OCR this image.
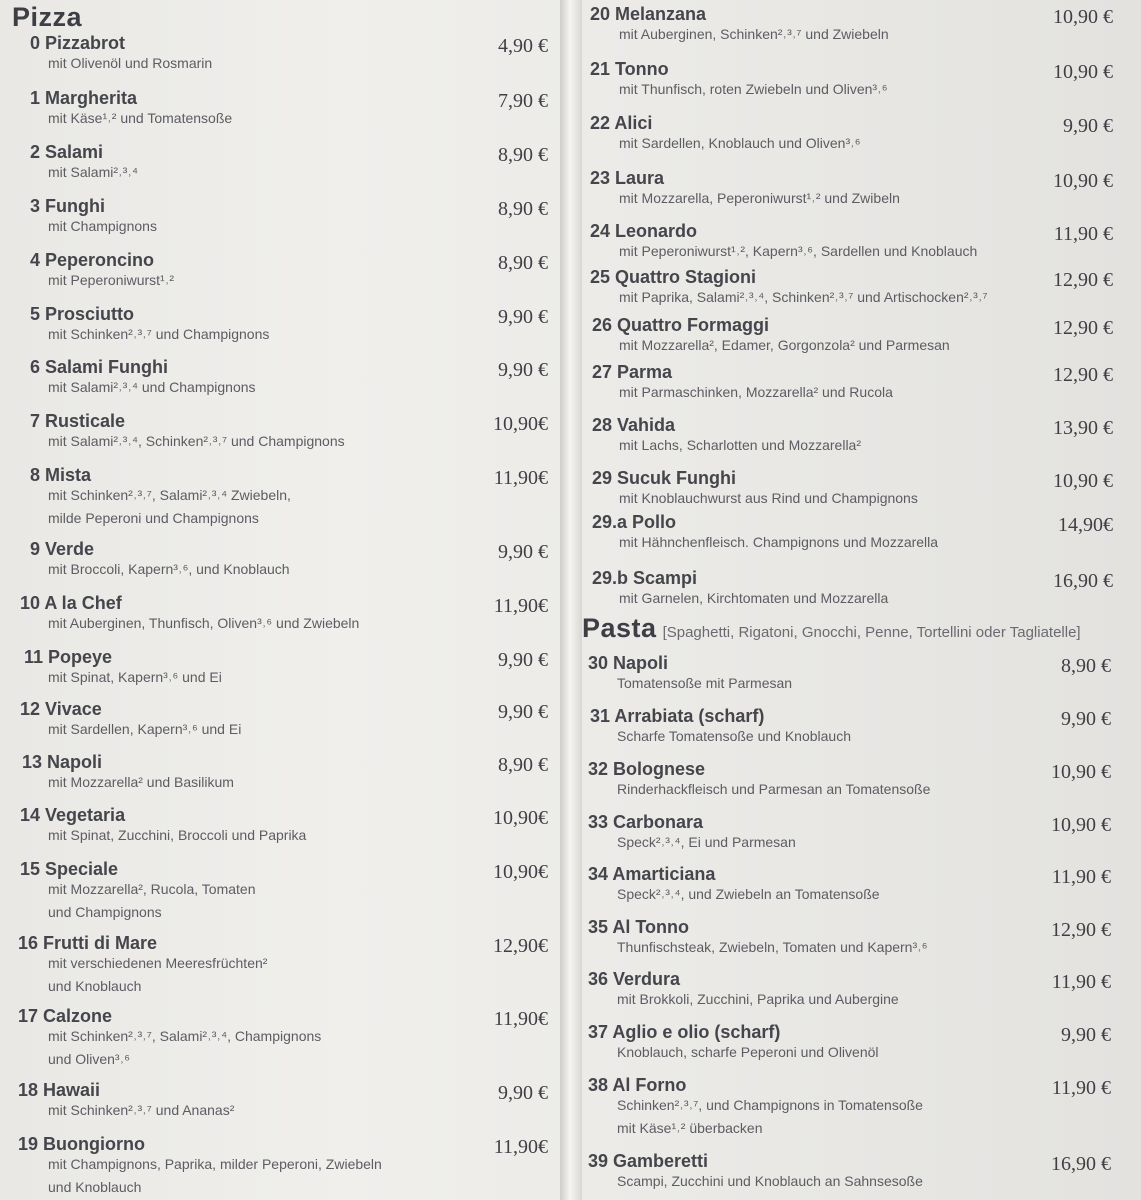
Pizza
0 Pizzabrot
mit Olivenöl und Rosmarin
4,90 €
1 Margherita
mit Käse¹˒² und Tomatensoße
7,90 €
2 Salami
mit Salami²˒³˒⁴
8,90 €
3 Funghi
mit Champignons
8,90 €
4 Peperoncino
mit Peperoniwurst¹˒²
8,90 €
5 Prosciutto
mit Schinken²˒³˒⁷ und Champignons
9,90 €
6 Salami Funghi
mit Salami²˒³˒⁴ und Champignons
9,90 €
7 Rusticale
mit Salami²˒³˒⁴, Schinken²˒³˒⁷ und Champignons
10,90€
8 Mista
mit Schinken²˒³˒⁷, Salami²˒³˒⁴ Zwiebeln,
milde Peperoni und Champignons
11,90€
9 Verde
mit Broccoli, Kapern³˒⁶, und Knoblauch
9,90 €
10 A la Chef
mit Auberginen, Thunfisch, Oliven³˒⁶ und Zwiebeln
11,90€
11 Popeye
mit Spinat, Kapern³˒⁶ und Ei
9,90 €
12 Vivace
mit Sardellen, Kapern³˒⁶ und Ei
9,90 €
13 Napoli
mit Mozzarella² und Basilikum
8,90 €
14 Vegetaria
mit Spinat, Zucchini, Broccoli und Paprika
10,90€
15 Speciale
mit Mozzarella², Rucola, Tomaten
und Champignons
10,90€
16 Frutti di Mare
mit verschiedenen Meeresfrüchten²
und Knoblauch
12,90€
17 Calzone
mit Schinken²˒³˒⁷, Salami²˒³˒⁴, Champignons
und Oliven³˒⁶
11,90€
18 Hawaii
mit Schinken²˒³˒⁷ und Ananas²
9,90 €
19 Buongiorno
mit Champignons, Paprika, milder Peperoni, Zwiebeln
und Knoblauch
11,90€
20 Melanzana
mit Auberginen, Schinken²˒³˒⁷ und Zwiebeln
10,90 €
21 Tonno
mit Thunfisch, roten Zwiebeln und Oliven³˒⁶
10,90 €
22 Alici
mit Sardellen, Knoblauch und Oliven³˒⁶
9,90 €
23 Laura
mit Mozzarella, Peperoniwurst¹˒² und Zwibeln
10,90 €
24 Leonardo
mit Peperoniwurst¹˒², Kapern³˒⁶, Sardellen und Knoblauch
11,90 €
25 Quattro Stagioni
mit Paprika, Salami²˒³˒⁴, Schinken²˒³˒⁷ und Artischocken²˒³˒⁷
12,90 €
26 Quattro Formaggi
mit Mozzarella², Edamer, Gorgonzola² und Parmesan
12,90 €
27 Parma
mit Parmaschinken, Mozzarella² und Rucola
12,90 €
28 Vahida
mit Lachs, Scharlotten und Mozzarella²
13,90 €
29 Sucuk Funghi
mit Knoblauchwurst aus Rind und Champignons
10,90 €
29.a Pollo
mit Hähnchenfleisch. Champignons und Mozzarella
14,90€
29.b Scampi
mit Garnelen, Kirchtomaten und Mozzarella
16,90 €
Pasta [Spaghetti, Rigatoni, Gnocchi, Penne, Tortellini oder Tagliatelle]
30 Napoli
Tomatensoße mit Parmesan
8,90 €
31 Arrabiata (scharf)
Scharfe Tomatensoße und Knoblauch
9,90 €
32 Bolognese
Rinderhackfleisch und Parmesan an Tomatensoße
10,90 €
33 Carbonara
Speck²˒³˒⁴, Ei und Parmesan
10,90 €
34 Amarticiana
Speck²˒³˒⁴, und Zwiebeln an Tomatensoße
11,90 €
35 Al Tonno
Thunfischsteak, Zwiebeln, Tomaten und Kapern³˒⁶
12,90 €
36 Verdura
mit Brokkoli, Zucchini, Paprika und Aubergine
11,90 €
37 Aglio e olio (scharf)
Knoblauch, scharfe Peperoni und Olivenöl
9,90 €
38 Al Forno
Schinken²˒³˒⁷, und Champignons in Tomatensoße
mit Käse¹˒² überbacken
11,90 €
39 Gamberetti
Scampi, Zucchini und Knoblauch an Sahnsesoße
16,90 €
